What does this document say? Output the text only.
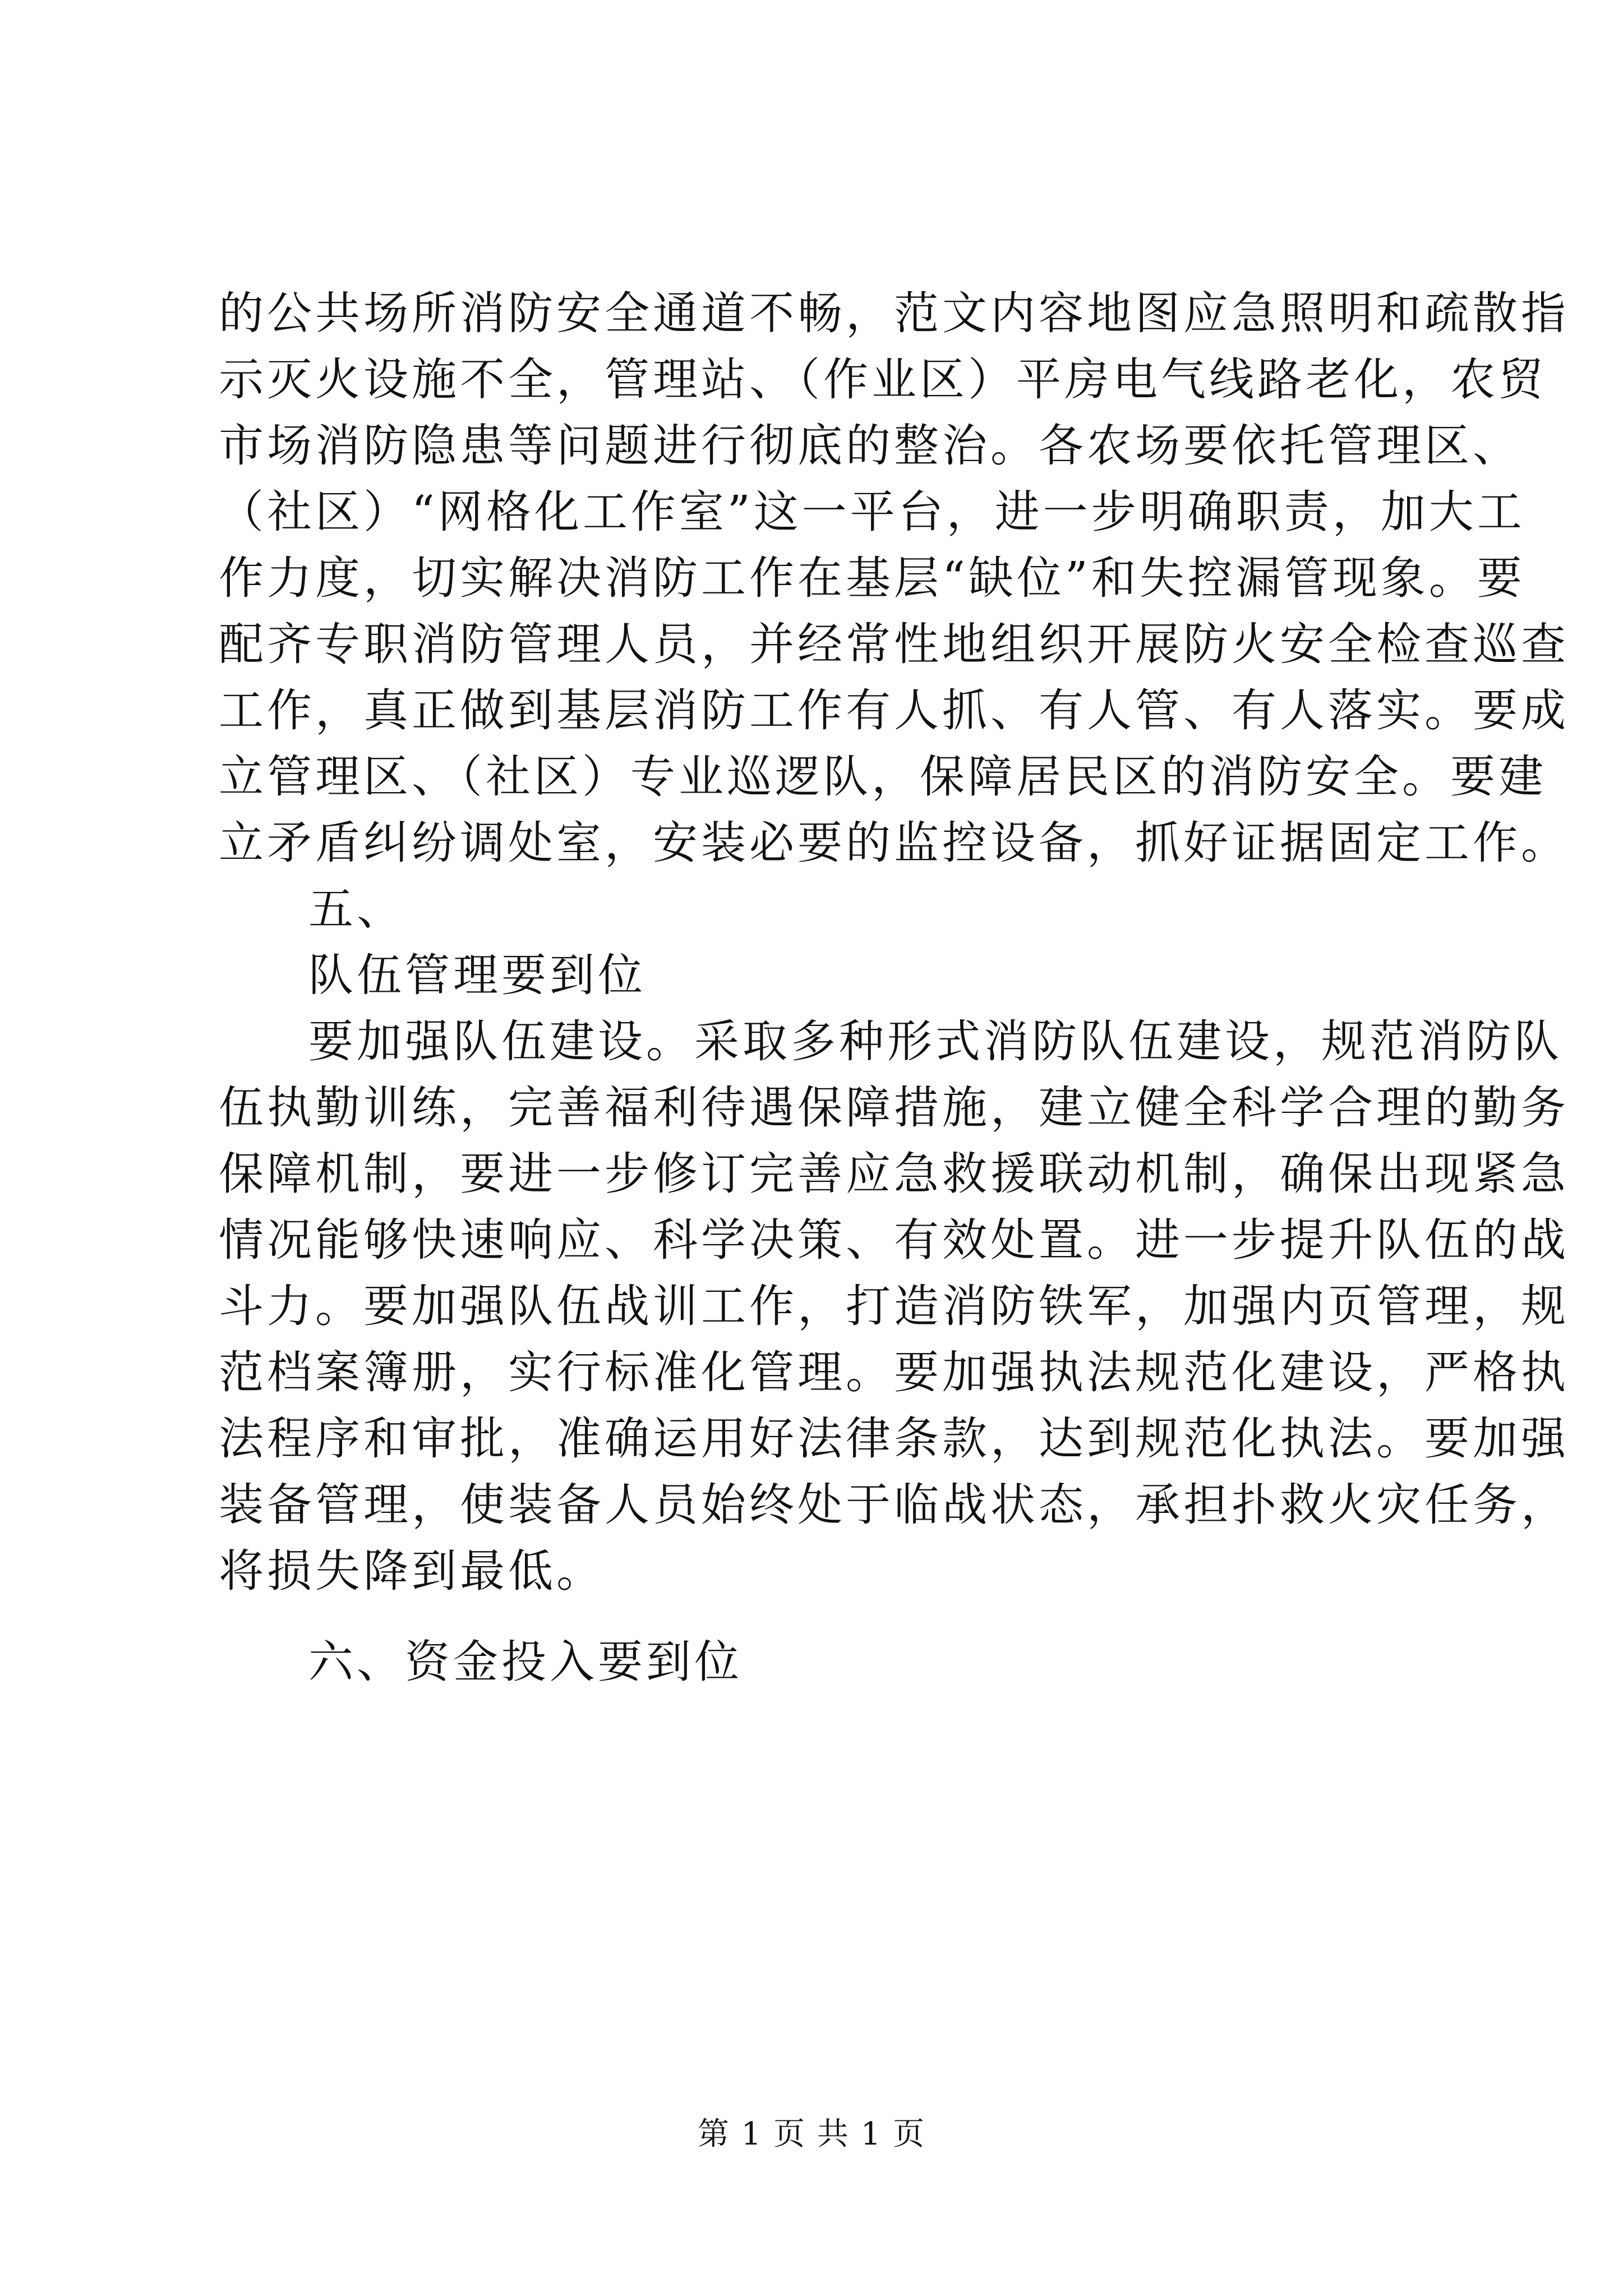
的公共场所消防安全通道不畅，范文内容地图应急照明和疏散指
示灭火设施不全，管理站、（作业区）平房电气线路老化，农贸
市场消防隐患等问题进行彻底的整治。各农场要依托管理区、
（社区）“网格化工作室”这一平台，进一步明确职责，加大工
作力度，切实解决消防工作在基层“缺位”和失控漏管现象。要
配齐专职消防管理人员，并经常性地组织开展防火安全检查巡查
工作，真正做到基层消防工作有人抓、有人管、有人落实。要成
立管理区、（社区）专业巡逻队，保障居民区的消防安全。要建
立矛盾纠纷调处室，安装必要的监控设备，抓好证据固定工作。
五、
队伍管理要到位
要加强队伍建设。采取多种形式消防队伍建设，规范消防队
伍执勤训练，完善福利待遇保障措施，建立健全科学合理的勤务
保障机制，要进一步修订完善应急救援联动机制，确保出现紧急
情况能够快速响应、科学决策、有效处置。进一步提升队伍的战
斗力。要加强队伍战训工作，打造消防铁军，加强内页管理，规
范档案簿册，实行标准化管理。要加强执法规范化建设，严格执
法程序和审批，准确运用好法律条款，达到规范化执法。要加强
装备管理，使装备人员始终处于临战状态，承担扑救火灾任务，
将损失降到最低。
六、资金投入要到位
第 1 页 共 1 页
